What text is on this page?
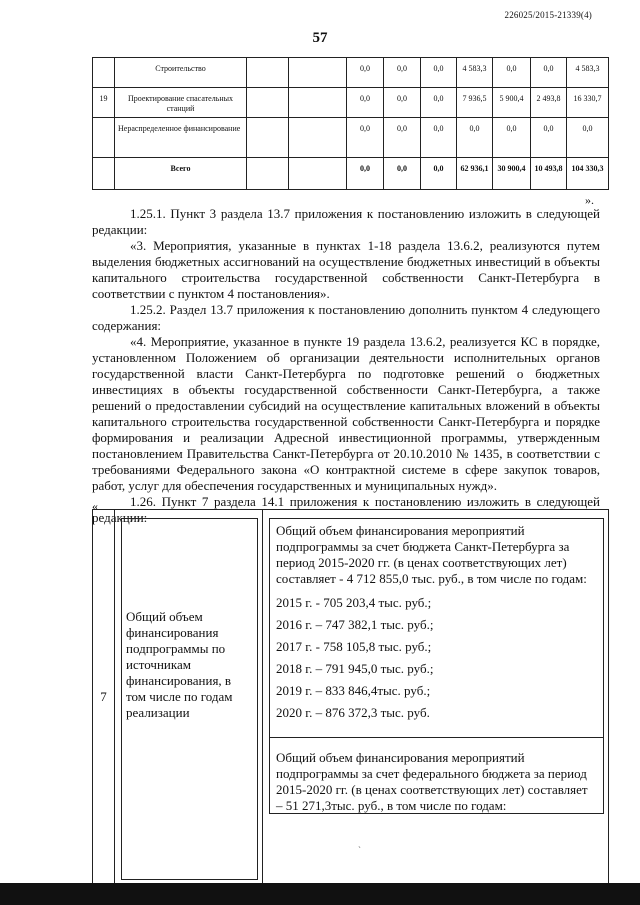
226025/2015-21339(4)
57
	Строительство			0,0	0,0	0,0	4 583,3	0,0	0,0	4 583,3
19	Проектирование спасательных станций			0,0	0,0	0,0	7 936,5	5 900,4	2 493,8	16 330,7
	Нераспределенное финансирование			0,0	0,0	0,0	0,0	0,0	0,0	0,0
	Всего			0,0	0,0	0,0	62 936,1	30 900,4	10 493,8	104 330,3
».

1.25.1. Пункт 3 раздела 13.7 приложения к постановлению изложить в следующей редакции:

«3. Мероприятия, указанные в пунктах 1-18 раздела 13.6.2, реализуются путем выделения бюджетных ассигнований на осуществление бюджетных инвестиций в объекты капитального строительства государственной собственности Санкт-Петербурга в соответствии с пунктом 4 постановления».

1.25.2. Раздел 13.7 приложения к постановлению дополнить пунктом 4 следующего содержания:

«4. Мероприятие, указанное в пункте 19 раздела 13.6.2, реализуется КС в порядке, установленном Положением об организации деятельности исполнительных органов государственной власти Санкт-Петербурга по подготовке решений о бюджетных инвестициях в объекты государственной собственности Санкт-Петербурга, а также решений о предоставлении субсидий на осуществление капитальных вложений в объекты капитального строительства государственной собственности Санкт-Петербурга и порядке формирования и реализации Адресной инвестиционной программы, утвержденным постановлением Правительства Санкт-Петербурга от 20.10.2010 № 1435, в соответствии с требованиями Федерального закона «О контрактной системе в сфере закупок товаров, работ, услуг для обеспечения государственных и муниципальных нужд».

1.26. Пункт 7 раздела 14.1 приложения к постановлению изложить в следующей редакции:

«
7	
Общий объем финансирования подпрограммы по источникам финансирования, в том числе по годам реализации

Общий объем финансирования мероприятий подпрограммы за счет бюджета Санкт-Петербурга за период 2015-2020 гг. (в ценах соответствующих лет) составляет - 4 712 855,0 тыс. руб., в том числе по годам:
2015 г. - 705 203,4 тыс. руб.;
2016 г. – 747 382,1 тыс. руб.;
2017 г. - 758 105,8 тыс. руб.;
2018 г. – 791 945,0 тыс. руб.;
2019 г. – 833 846,4тыс. руб.;
2020 г. – 876 372,3 тыс. руб.
Общий объем финансирования мероприятий подпрограммы за счет федерального бюджета за период 2015-2020 гг. (в ценах соответствующих лет) составляет – 51 271,3тыс. руб., в том числе по годам:
ˎ
